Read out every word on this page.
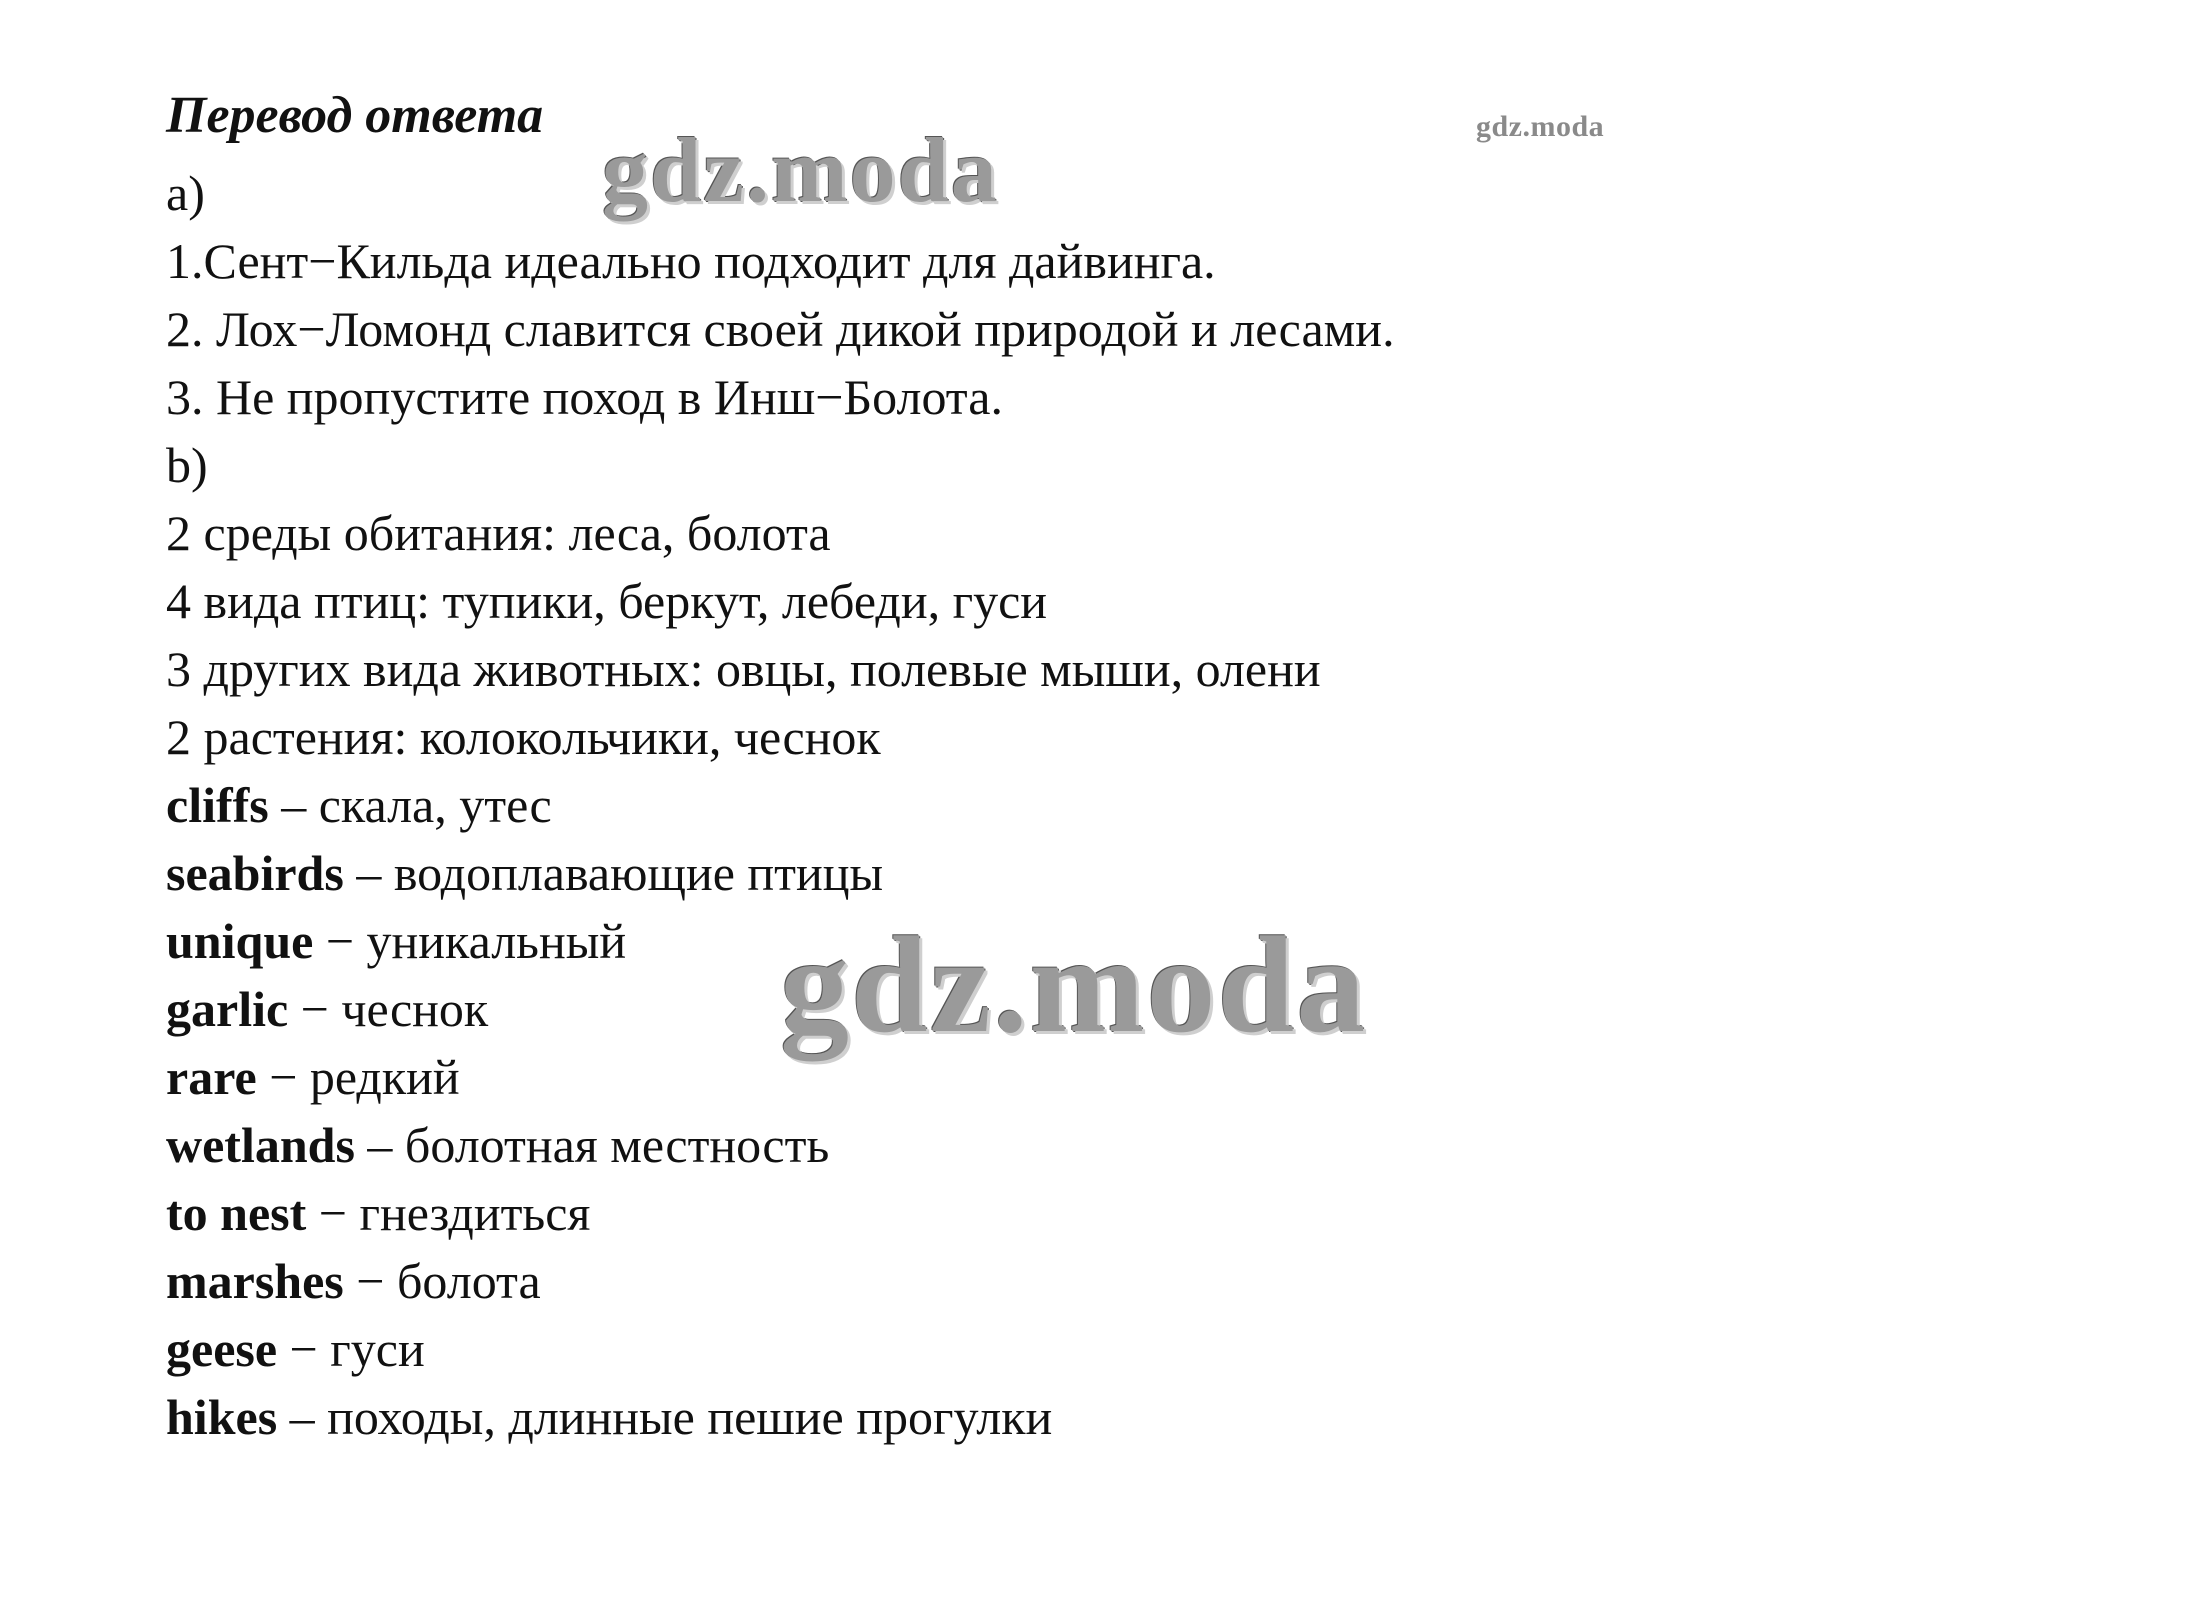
Перевод ответа	gdz.moda
gdz.moda
a)
1.Сент−Кильда идеально подходит для дайвинга.
2. Лох−Ломонд славится своей дикой природой и лесами.
3. Не пропустите поход в Инш−Болота.
b)
2 среды обитания: леса, болота
4 вида птиц: тупики, беркут, лебеди, гуси
3 других вида животных: овцы, полевые мыши, олени
2 растения: колокольчики, чеснок
cliffs – скала, утес
seabirds – водоплавающие птицы
unique − уникальный
garlic − чеснок
rare − редкий
wetlands – болотная местность
to nest − гнездиться
marshes − болота
geese − гуси
hikes – походы, длинные пешие прогулки
gdz.moda
